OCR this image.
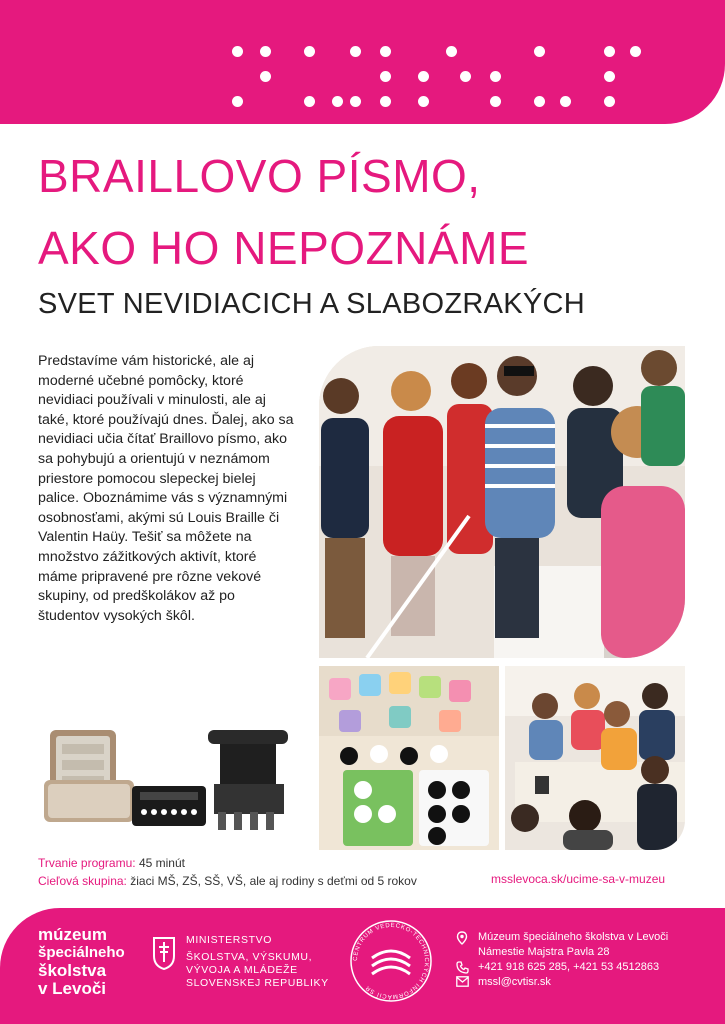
BRAILLOVO PÍSMO,
AKO HO NEPOZNÁME
SVET NEVIDIACICH A SLABOZRAKÝCH
Predstavíme vám historické, ale aj moderné učebné pomôcky, ktoré nevidiaci používali v minulosti, ale aj také, ktoré používajú dnes. Ďalej, ako sa nevidiaci učia čítať Braillovo písmo, ako sa pohybujú a orientujú v neznámom priestore pomocou slepeckej bielej palice. Oboznámime vás s významnými osobnosťami, akými sú Louis Braille či Valentin Haüy. Tešiť sa môžete na množstvo zážitkových aktivít, ktoré máme pripravené pre rôzne vekové skupiny, od predškolákov až po študentov vysokých škôl.
Trvanie programu: 45 minút
Cieľová skupina: žiaci MŠ, ZŠ, SŠ, VŠ, ale aj rodiny s deťmi od 5 rokov	msslevoca.sk/ucime-sa-v-muzeu
múzeum
špeciálneho
školstva
v Levoči
MINISTERSTVO
ŠKOLSTVA, VÝSKUMU,
VÝVOJA A MLÁDEŽE
SLOVENSKEJ REPUBLIKY
CENTRUM VEDECKO-TECHNICKÝCH INFORMÁCIÍ SR
Múzeum špeciálneho školstva v Levoči
Námestie Majstra Pavla 28
+421 918 625 285, +421 53 4512863
mssl@cvtisr.sk
